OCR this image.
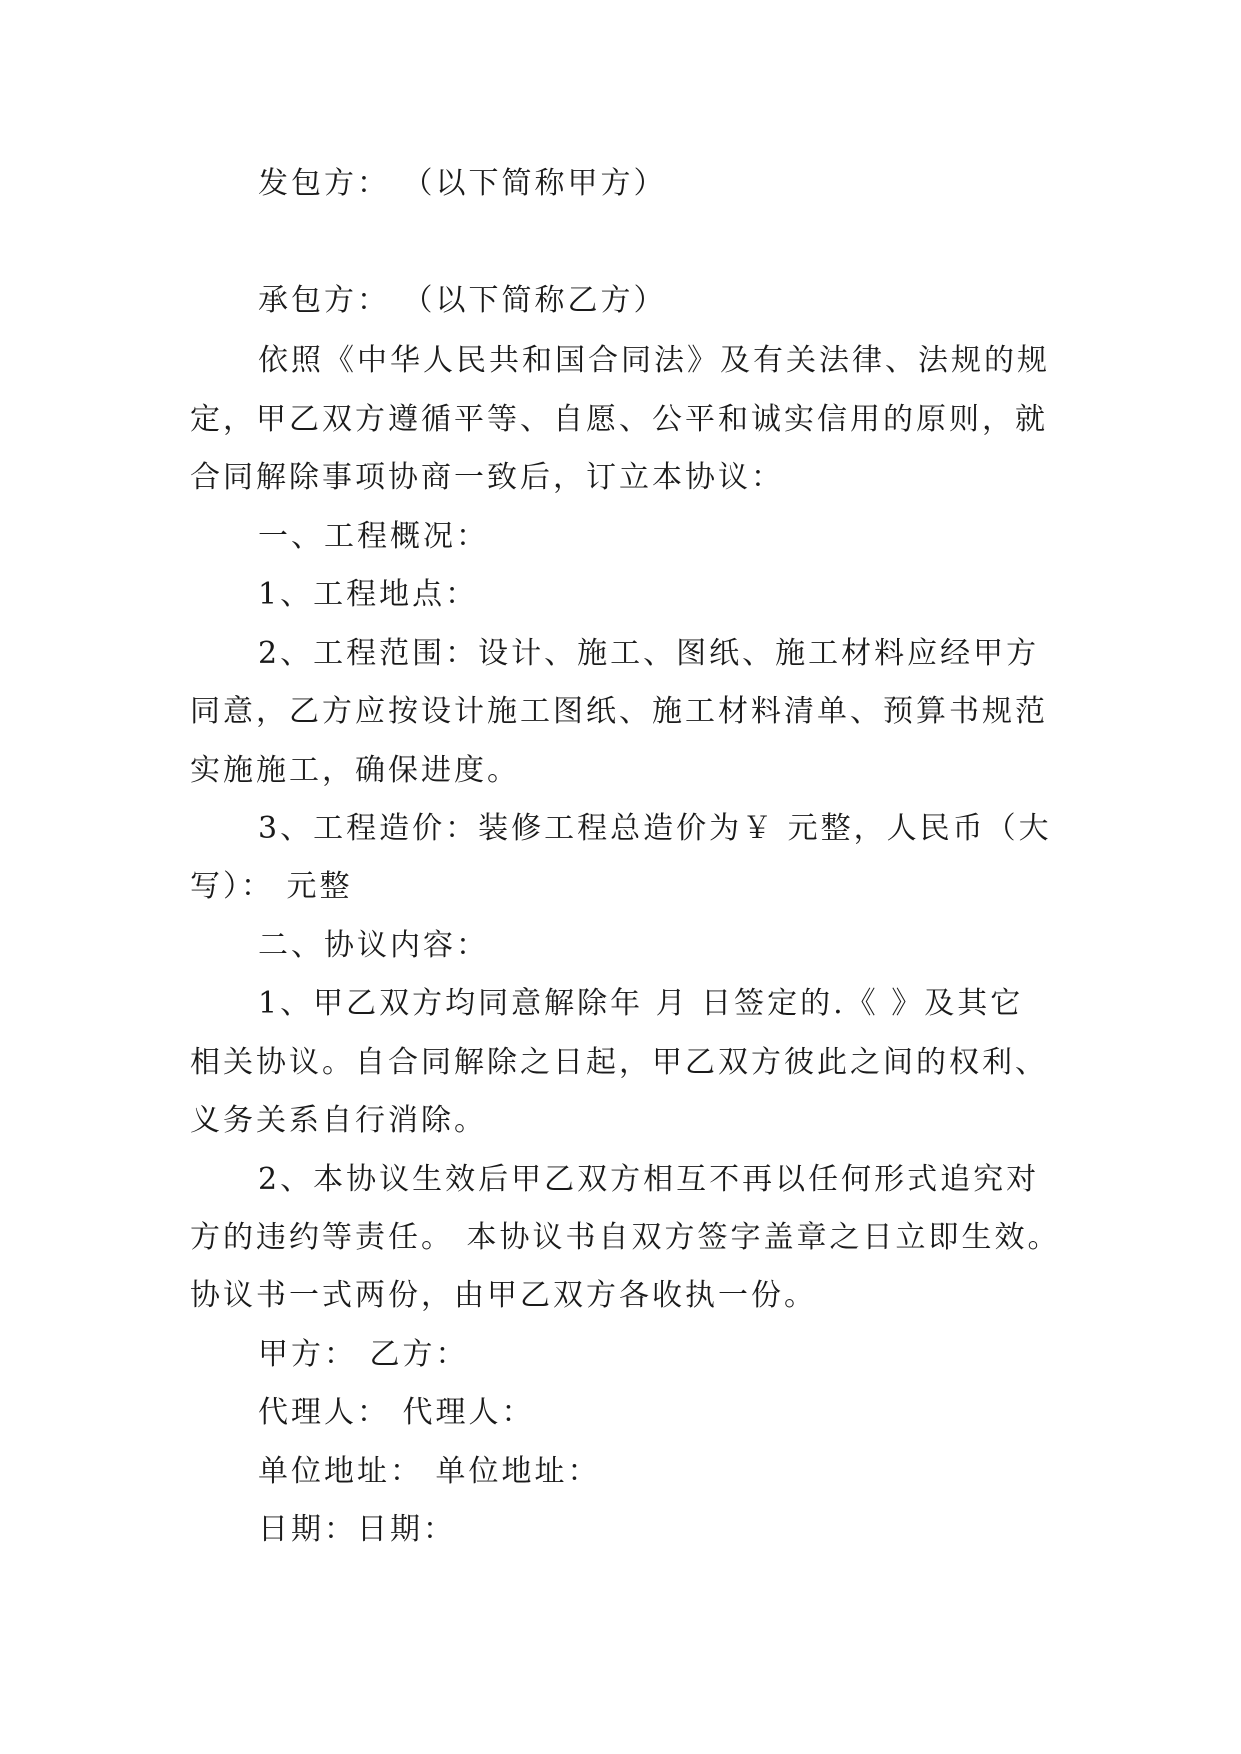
发包方： （以下简称甲方）
承包方： （以下简称乙方）
依照《中华人民共和国合同法》及有关法律、法规的规
定，甲乙双方遵循平等、自愿、公平和诚实信用的原则，就
合同解除事项协商一致后，订立本协议：
一、工程概况：
1、工程地点：
2、工程范围：设计、施工、图纸、施工材料应经甲方
同意，乙方应按设计施工图纸、施工材料清单、预算书规范
实施施工，确保进度。
3、工程造价：装修工程总造价为￥ 元整，人民币（大
写）： 元整
二、协议内容：
1、甲乙双方均同意解除年 月 日签定的.《 》及其它
相关协议。自合同解除之日起，甲乙双方彼此之间的权利、
义务关系自行消除。
2、本协议生效后甲乙双方相互不再以任何形式追究对
方的违约等责任。 本协议书自双方签字盖章之日立即生效。
协议书一式两份，由甲乙双方各收执一份。
甲方： 乙方：
代理人： 代理人：
单位地址： 单位地址：
日期：日期：
